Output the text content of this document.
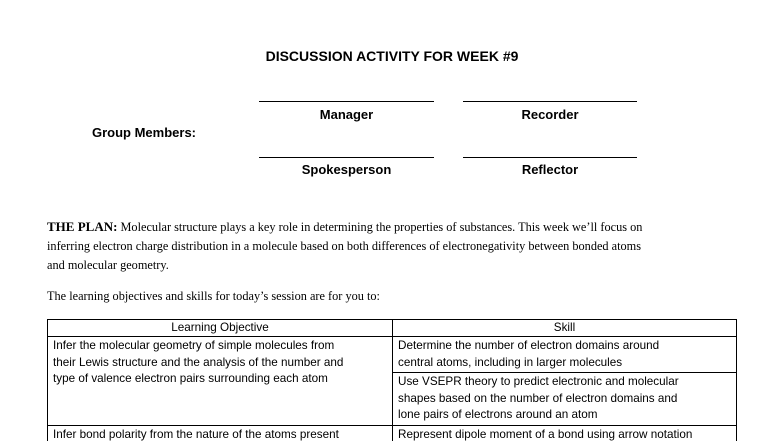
DISCUSSION ACTIVITY FOR WEEK #9
Manager	Recorder
Group Members:
Spokesperson	Reflector
THE PLAN: Molecular structure plays a key role in determining the properties of substances. This week we’ll focus on
inferring electron charge distribution in a molecule based on both differences of electronegativity between bonded atoms
and molecular geometry.
The learning objectives and skills for today’s session are for you to:
Learning Objective	Skill

Infer the molecular geometry of simple molecules from
their Lewis structure and the analysis of the number and
type of valence electron pairs surrounding each atom	Determine the number of electron domains around
central atoms, including in larger molecules

	Use VSEPR theory to predict electronic and molecular
shapes based on the number of electron domains and
lone pairs of electrons around an atom

Infer bond polarity from the nature of the atoms present	Represent dipole moment of a bond using arrow notation
